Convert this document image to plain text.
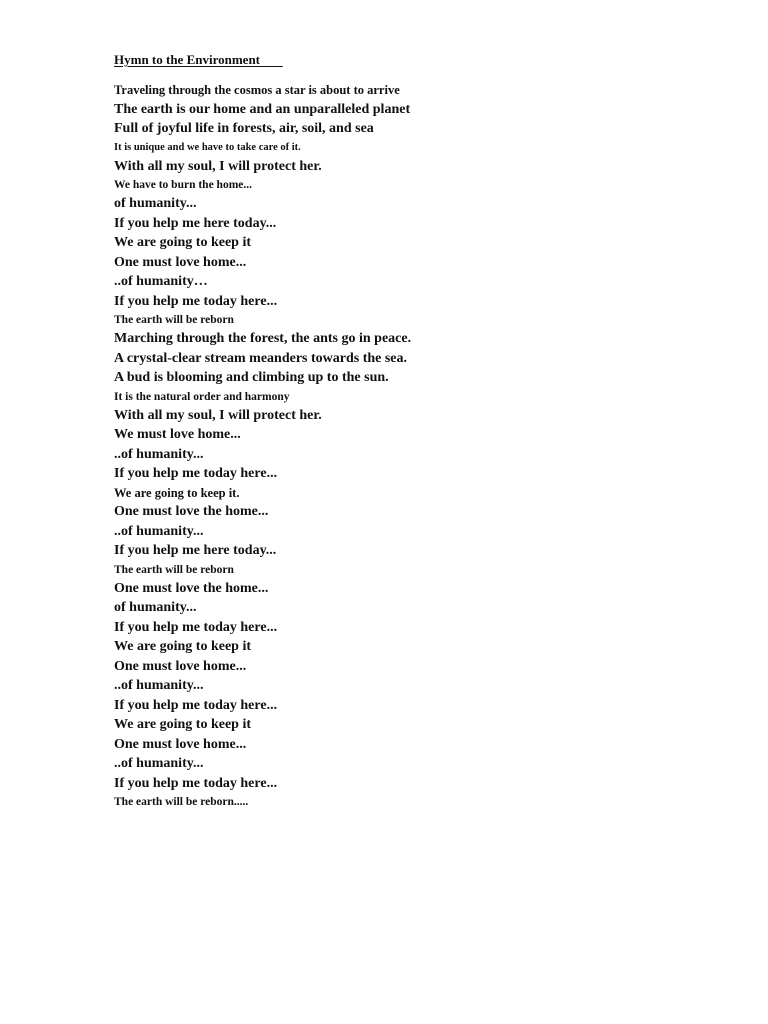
Hymn to the Environment
Traveling through the cosmos a star is about to arrive
The earth is our home and an unparalleled planet
Full of joyful life in forests, air, soil, and sea
It is unique and we have to take care of it.
With all my soul, I will protect her.
We have to burn the home...
of humanity...
If you help me here today...
We are going to keep it
One must love home...
..of humanity…
If you help me today here...
The earth will be reborn
Marching through the forest, the ants go in peace.
A crystal-clear stream meanders towards the sea.
A bud is blooming and climbing up to the sun.
It is the natural order and harmony
With all my soul, I will protect her.
We must love home...
..of humanity...
If you help me today here...
We are going to keep it.
One must love the home...
..of humanity...
If you help me here today...
The earth will be reborn
One must love the home...
of humanity...
If you help me today here...
We are going to keep it
One must love home...
..of humanity...
If you help me today here...
We are going to keep it
One must love home...
..of humanity...
If you help me today here...
The earth will be reborn.....
